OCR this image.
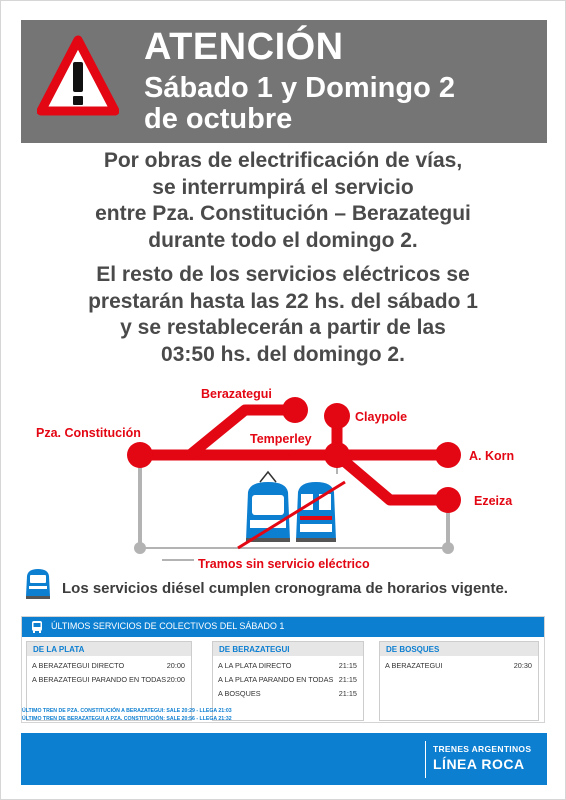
ATENCIÓN
Sábado 1 y Domingo 2
de octubre
Por obras de electrificación de vías,
se interrumpirá el servicio
entre Pza. Constitución – Berazategui
durante todo el domingo 2.
El resto de los servicios eléctricos se
prestarán hasta las 22 hs. del sábado 1
y se restablecerán a partir de las
03:50 hs. del domingo 2.
Pza. Constitución
Berazategui
Claypole
Temperley
A. Korn
Ezeiza
Tramos sin servicio eléctrico
Los servicios diésel cumplen cronograma de horarios vigente.
ÚLTIMOS SERVICIOS DE COLECTIVOS DEL SÁBADO 1
DE LA PLATA
A BERAZATEGUI DIRECTO	20:00
A BERAZATEGUI PARANDO EN TODAS 20:00
DE BERAZATEGUI
A LA PLATA DIRECTO	21:15
A LA PLATA PARANDO EN TODAS 21:15
A BOSQUES	21:15
DE BOSQUES
A BERAZATEGUI	20:30
ÚLTIMO TREN DE PZA. CONSTITUCIÓN A BERAZATEGUI: SALE 20:29 - LLEGA 21:03
ÚLTIMO TREN DE BERAZATEGUI A PZA. CONSTITUCIÓN: SALE 20:56 - LLEGA 21:32
TRENES ARGENTINOS
LÍNEA ROCA
